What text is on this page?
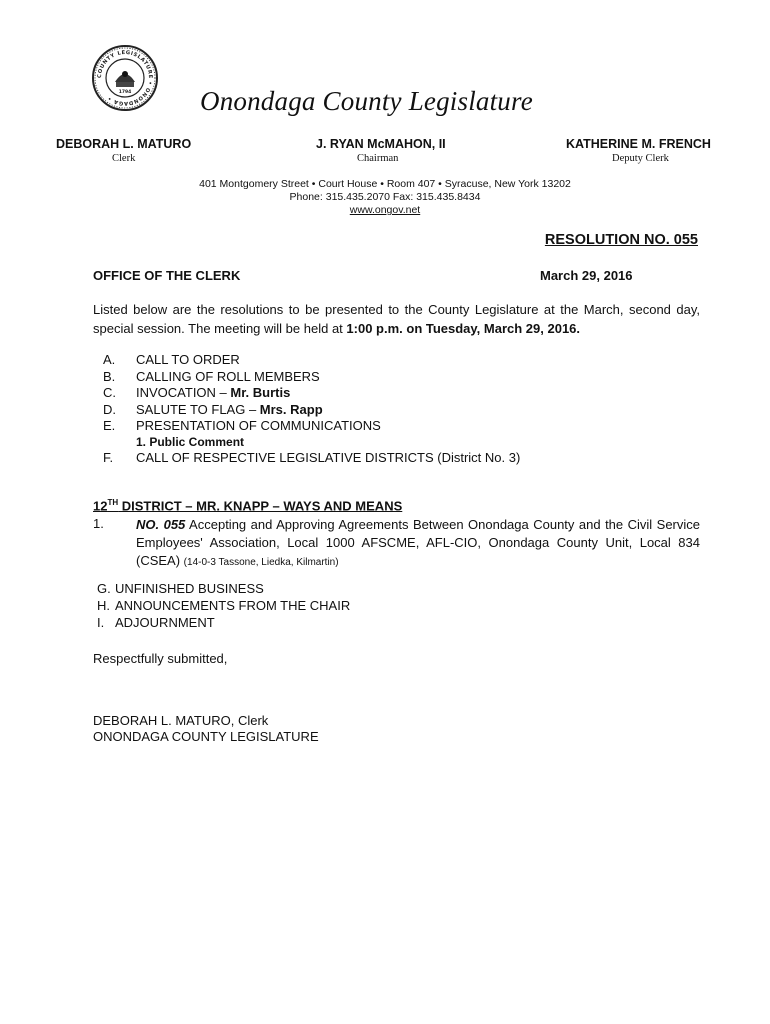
COUNTY LEGISLATURE • ONONDAGA •
1794	Onondaga County Legislature
DEBORAH L. MATURO
Clerk
J. RYAN McMAHON, II
Chairman
KATHERINE M. FRENCH
Deputy Clerk
401 Montgomery Street • Court House • Room 407 • Syracuse, New York 13202
Phone: 315.435.2070 Fax: 315.435.8434
www.ongov.net
RESOLUTION NO. 055
OFFICE OF THE CLERK	March 29, 2016
Listed below are the resolutions to be presented to the County Legislature at the March, second day, special session. The meeting will be held at 1:00 p.m. on Tuesday, March 29, 2016.
A. CALL TO ORDER
B. CALLING OF ROLL MEMBERS
C. INVOCATION – Mr. Burtis
D. SALUTE TO FLAG – Mrs. Rapp
E. PRESENTATION OF COMMUNICATIONS
1. Public Comment
F. CALL OF RESPECTIVE LEGISLATIVE DISTRICTS (District No. 3)
12TH DISTRICT – MR. KNAPP – WAYS AND MEANS
1. NO. 055 Accepting and Approving Agreements Between Onondaga County and the Civil Service Employees' Association, Local 1000 AFSCME, AFL-CIO, Onondaga County Unit, Local 834 (CSEA) (14-0-3 Tassone, Liedka, Kilmartin)
G. UNFINISHED BUSINESS
H. ANNOUNCEMENTS FROM THE CHAIR
I. ADJOURNMENT
Respectfully submitted,
DEBORAH L. MATURO, Clerk
ONONDAGA COUNTY LEGISLATURE
